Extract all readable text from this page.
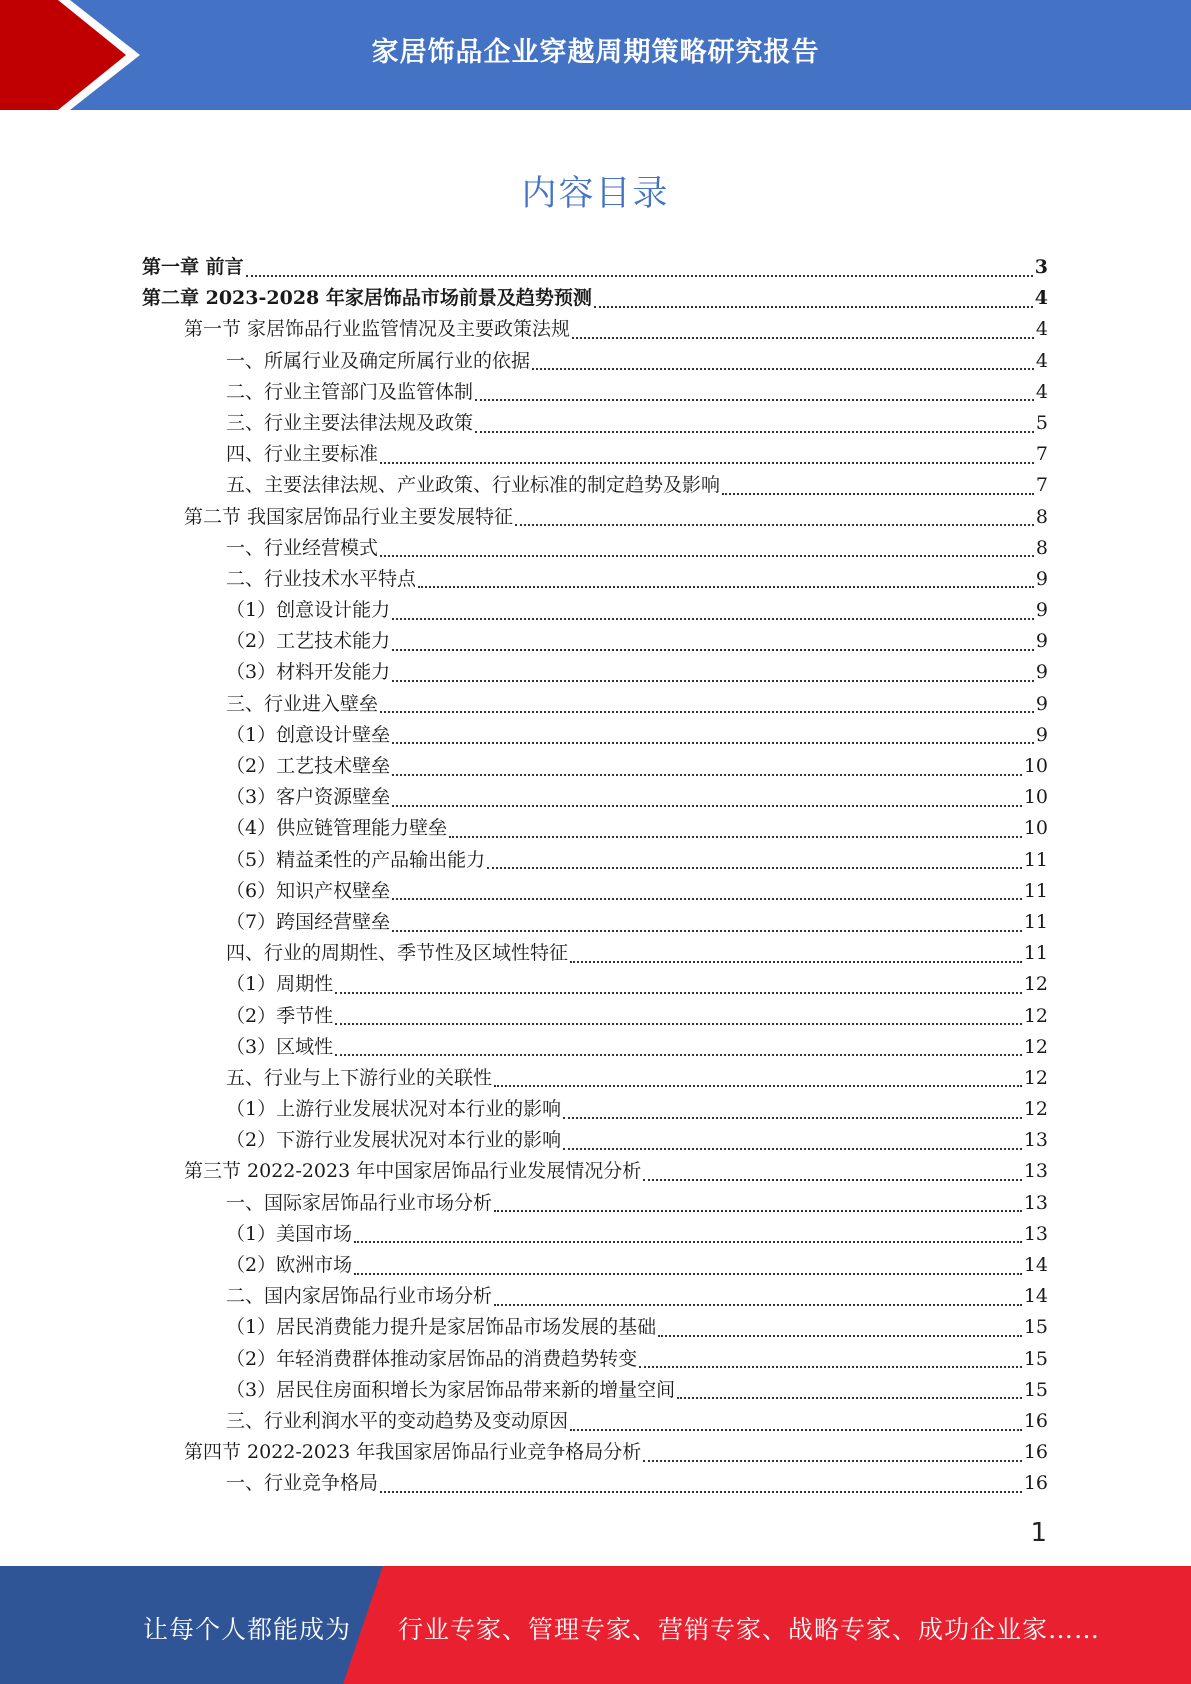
家居饰品企业穿越周期策略研究报告
内容目录
第一章 前言	3
第二章 2023-2028 年家居饰品市场前景及趋势预测	4
第一节 家居饰品行业监管情况及主要政策法规	4
一、所属行业及确定所属行业的依据	4
二、行业主管部门及监管体制	4
三、行业主要法律法规及政策	5
四、行业主要标准	7
五、主要法律法规、产业政策、行业标准的制定趋势及影响	7
第二节 我国家居饰品行业主要发展特征	8
一、行业经营模式	8
二、行业技术水平特点	9
（1）创意设计能力	9
（2）工艺技术能力	9
（3）材料开发能力	9
三、行业进入壁垒	9
（1）创意设计壁垒	9
（2）工艺技术壁垒	10
（3）客户资源壁垒	10
（4）供应链管理能力壁垒	10
（5）精益柔性的产品输出能力	11
（6）知识产权壁垒	11
（7）跨国经营壁垒	11
四、行业的周期性、季节性及区域性特征	11
（1）周期性	12
（2）季节性	12
（3）区域性	12
五、行业与上下游行业的关联性	12
（1）上游行业发展状况对本行业的影响	12
（2）下游行业发展状况对本行业的影响	13
第三节 2022-2023 年中国家居饰品行业发展情况分析	13
一、国际家居饰品行业市场分析	13
（1）美国市场	13
（2）欧洲市场	14
二、国内家居饰品行业市场分析	14
（1）居民消费能力提升是家居饰品市场发展的基础	15
（2）年轻消费群体推动家居饰品的消费趋势转变	15
（3）居民住房面积增长为家居饰品带来新的增量空间	15
三、行业利润水平的变动趋势及变动原因	16
第四节 2022-2023 年我国家居饰品行业竞争格局分析	16
一、行业竞争格局	16
1
让每个人都能成为 行业专家、管理专家、营销专家、战略专家、成功企业家……
